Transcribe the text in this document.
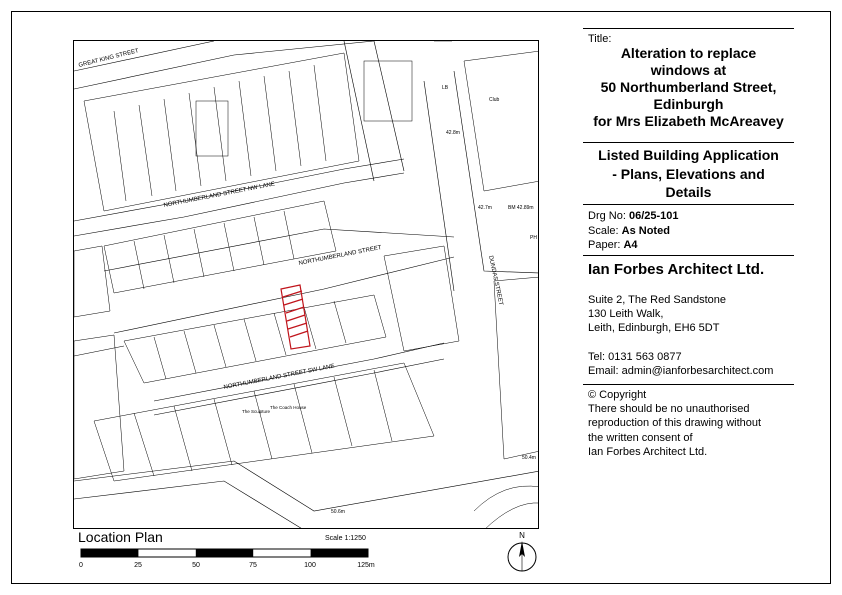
GREAT KING STREET
NORTHUMBERLAND STREET NW LANE
NORTHUMBERLAND STREET
NORTHUMBERLAND STREET SW LANE
DUNDAS STREET
42.8m
42.7m	BM 42.89m
50.4m
50.6m
The Sculpture
The Coach House
Club
LB
PH
Location Plan	Scale 1:1250
0	25	50	75	100	125m
N
Title:
Alteration to replace
windows at
50 Northumberland Street,
Edinburgh
for Mrs Elizabeth McAreavey
Listed Building Application
- Plans, Elevations and
Details
Drg No: 06/25-101
Scale: As Noted
Paper: A4
Ian Forbes Architect Ltd.
Suite 2, The Red Sandstone
130 Leith Walk,
Leith, Edinburgh, EH6 5DT
Tel: 0131 563 0877
Email: admin@ianforbesarchitect.com
© Copyright
There should be no unauthorised
reproduction of this drawing without
the written consent of
Ian Forbes Architect Ltd.
